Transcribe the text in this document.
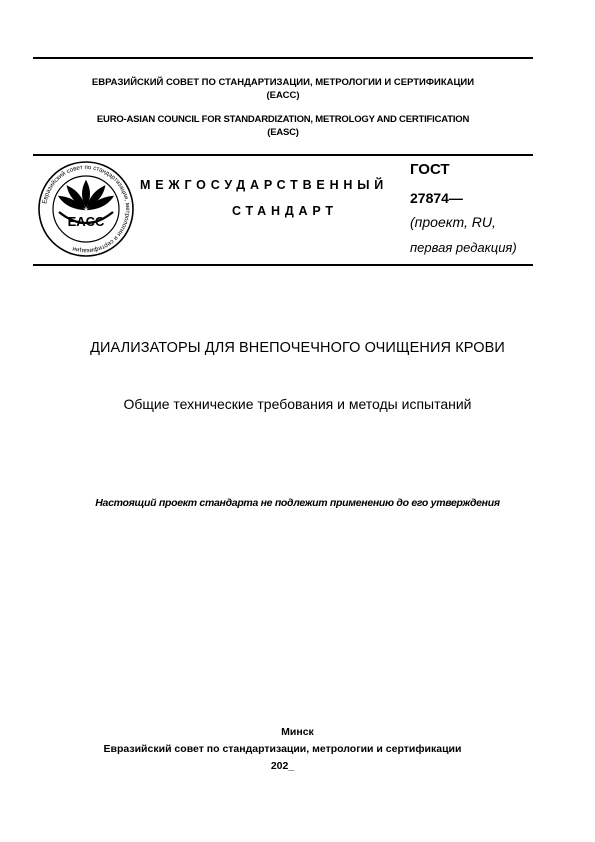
ЕВРАЗИЙСКИЙ СОВЕТ ПО СТАНДАРТИЗАЦИИ, МЕТРОЛОГИИ И СЕРТИФИКАЦИИ
(ЕАСС)
EURO-ASIAN COUNCIL FOR STANDARDIZATION, METROLOGY AND CERTIFICATION
(EASC)
Евразийский совет по стандартизации, метрологии и сертификации
EACC
МЕЖГОСУДАРСТВЕННЫЙ
СТАНДАРТ
ГОСТ
27874—
(проект, RU,
первая редакция)
ДИАЛИЗАТОРЫ ДЛЯ ВНЕПОЧЕЧНОГО ОЧИЩЕНИЯ КРОВИ
Общие технические требования и методы испытаний
Настоящий проект стандарта не подлежит применению до его утверждения
Минск
Евразийский совет по стандартизации, метрологии и сертификации
202_
